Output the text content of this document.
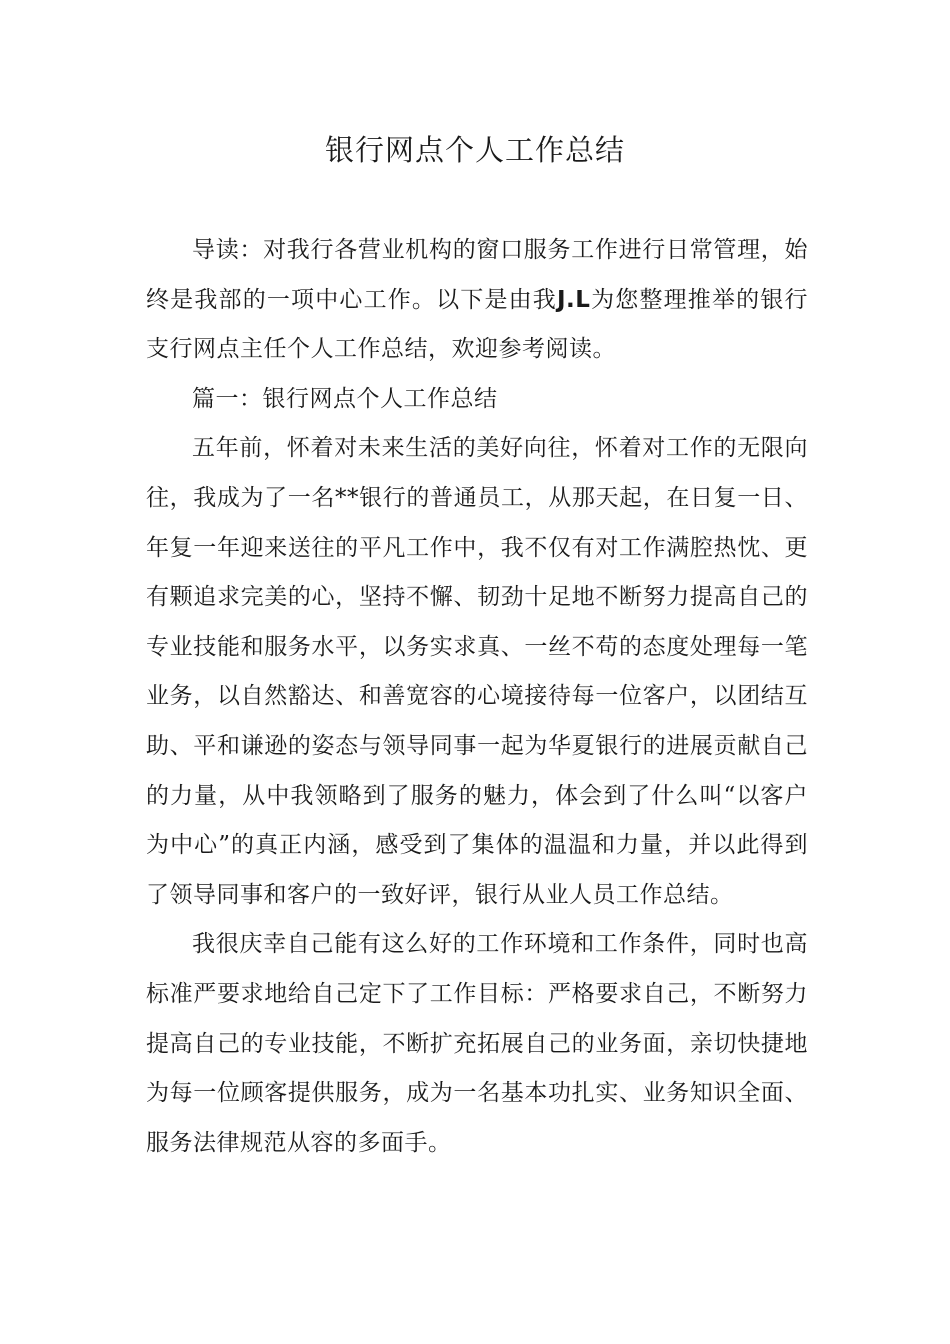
银行网点个人工作总结

导读：对我行各营业机构的窗口服务工作进行日常管理，始终是我部的一项中心工作。以下是由我J.L为您整理推举的银行支行网点主任个人工作总结，欢迎参考阅读。

篇一：银行网点个人工作总结

五年前，怀着对未来生活的美好向往，怀着对工作的无限向往，我成为了一名**银行的普通员工，从那天起，在日复一日、年复一年迎来送往的平凡工作中，我不仅有对工作满腔热忱、更有颗追求完美的心，坚持不懈、韧劲十足地不断努力提高自己的专业技能和服务水平，以务实求真、一丝不苟的态度处理每一笔业务，以自然豁达、和善宽容的心境接待每一位客户，以团结互助、平和谦逊的姿态与领导同事一起为华夏银行的进展贡献自己的力量，从中我领略到了服务的魅力，体会到了什么叫“以客户为中心”的真正内涵，感受到了集体的温温和力量，并以此得到了领导同事和客户的一致好评，银行从业人员工作总结。

我很庆幸自己能有这么好的工作环境和工作条件，同时也高标准严要求地给自己定下了工作目标：严格要求自己，不断努力提高自己的专业技能，不断扩充拓展自己的业务面，亲切快捷地为每一位顾客提供服务，成为一名基本功扎实、业务知识全面、服务法律规范从容的多面手。
